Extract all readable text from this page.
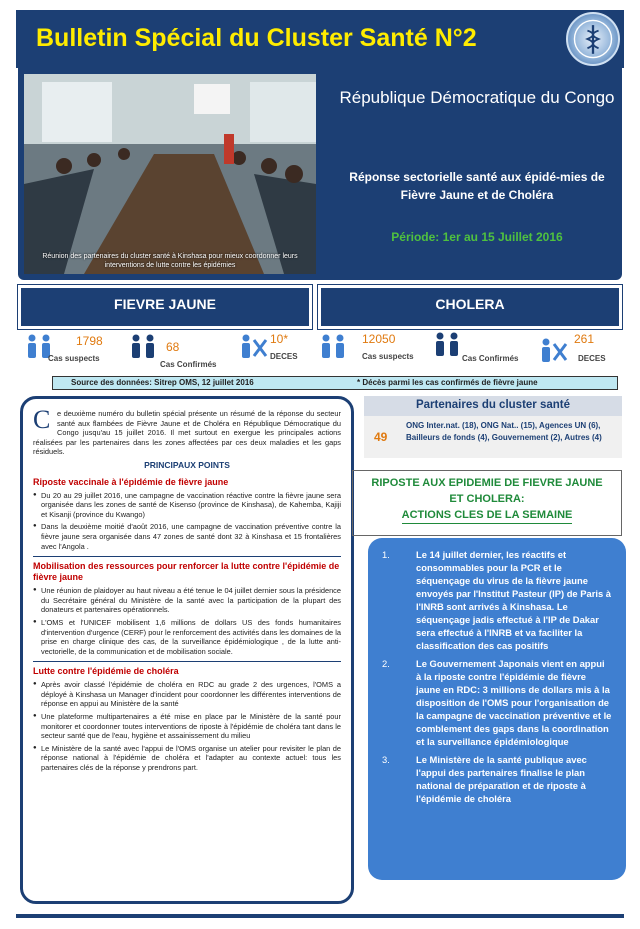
Bulletin Spécial du Cluster Santé N°2
Réunion des partenaires du cluster santé à Kinshasa pour mieux coordonner leurs interventions de lutte contre les épidémies
République Démocratique du Congo
Réponse sectorielle santé aux épidé-mies de Fièvre Jaune et de Choléra
Période: 1er au 15 Juillet 2016
FIEVRE JAUNE	CHOLERA
1798
Cas suspects
68
Cas Confirmés
10*
DECES
12050
Cas suspects	Cas Confirmés
261
DECES
Source des données: Sitrep OMS, 12 juillet 2016	* Décès parmi les cas confirmés de fièvre jaune
Ce deuxième numéro du bulletin spécial présente un résumé de la réponse du secteur santé aux flambées de Fièvre Jaune et de Choléra en République Démocratique du Congo jusqu'au 15 juillet 2016. Il met surtout en exergue les principales actions réalisées par les partenaires dans les zones affectées par ces deux maladies et les gaps résiduels.
PRINCIPAUX POINTS
Riposte vaccinale à l'épidémie de fièvre jaune
● Du 20 au 29 juillet 2016, une campagne de vaccination réactive contre la fièvre jaune sera organisée dans les zones de santé de Kisenso (province de Kinshasa), de Kahemba, Kajiji et Kisanji (province du Kwango)
● Dans la deuxième moitié d'août 2016, une campagne de vaccination préventive contre la fièvre jaune sera organisée dans 47 zones de santé dont 32 à Kinshasa et 15 frontalières avec l'Angola .
Mobilisation des ressources pour renforcer la lutte contre l'épidémie de fièvre jaune
● Une réunion de plaidoyer au haut niveau a été tenue le 04 juillet dernier sous la présidence du Secrétaire général du Ministère de la santé avec la participation de la plupart des donateurs et partenaires opérationnels.
● L'OMS et l'UNICEF mobilisent 1,6 millions de dollars US des fonds humanitaires d'intervention d'urgence (CERF) pour le renforcement des activités dans les domaines de la prise en charge clinique des cas, de la surveillance épidémiologique , de la lutte anti-vectorielle, de la communication et de mobilisation sociale.
Lutte contre l'épidémie de choléra
● Après avoir classé l'épidémie de choléra en RDC au grade 2 des urgences, l'OMS a déployé à Kinshasa un Manager d'incident pour coordonner les différentes interventions de réponse en appui au Ministère de la santé
● Une plateforme multipartenaires a été mise en place par le Ministère de la santé pour monitorer et coordonner toutes interventions de riposte à l'épidémie de choléra tant dans le secteur santé que de l'eau, hygiène et assainissement du milieu
● Le Ministère de la santé avec l'appui de l'OMS organise un atelier pour revisiter le plan de réponse national à l'épidémie de choléra et l'adapter au contexte actuel: tous les partenaires clés de la réponse y prendrons part.
Partenaires du cluster santé
49
ONG Inter.nat. (18), ONG Nat.. (15), Agences UN (6), Bailleurs de fonds (4), Gouvernement (2), Autres (4)
RIPOSTE AUX EPIDEMIE DE FIEVRE JAUNE
ET CHOLERA:
ACTIONS CLES DE LA SEMAINE
1.	Le 14 juillet dernier, les réactifs et consommables pour la PCR et le séquençage du virus de la fièvre jaune envoyés par l'Institut Pasteur (IP) de Paris à l'INRB sont arrivés à Kinshasa. Le séquençage jadis effectué à l'IP de Dakar sera effectué à l'INRB et va faciliter la classification des cas positifs
2.	Le Gouvernement Japonais vient en appui à la riposte contre l'épidémie de fièvre jaune en RDC: 3 millions de dollars mis à la disposition de l'OMS pour l'organisation de la campagne de vaccination préventive et le comblement des gaps dans la coordination et la surveillance épidémiologique
3.	Le Ministère de la santé publique avec l'appui des partenaires finalise le plan national de préparation et de riposte à l'épidémie de choléra
